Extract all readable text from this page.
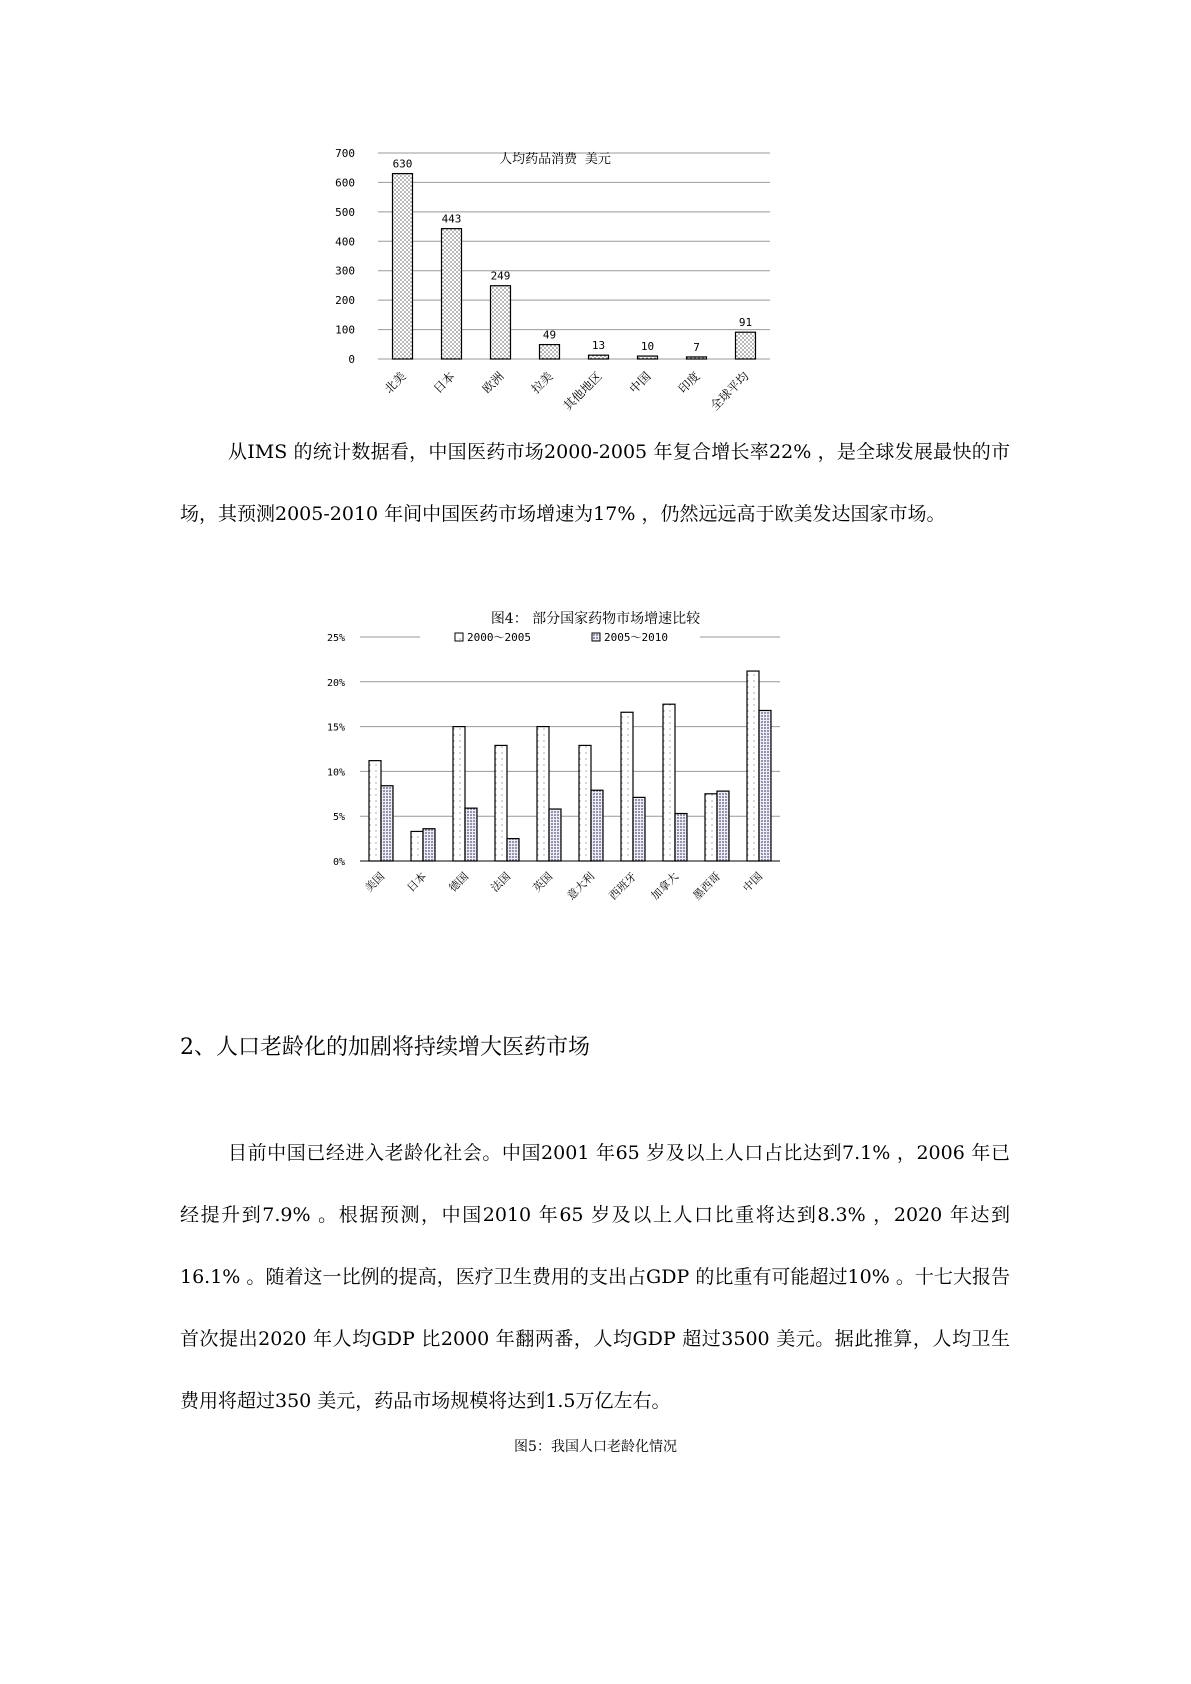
0
100
200
300
400
500
600
700
630
北美
443
日本
249
欧洲
49
拉美
13
其他地区
10
中国
7
印度
91
全球平均
人均药品消费 美元

从IMS 的统计数据看，中国医药市场2000-2005 年复合增长率22% ，是全球发展最快的市场，其预测2005-2010 年间中国医药市场增速为17% ，仍然远远高于欧美发达国家市场。

图4： 部分国家药物市场增速比较
0%
5%
10%
15%
20%
25%	2000～2005	2005～2010
美国 日本 德国 法国 英国 意大利 西班牙 加拿大 墨西哥 中国
2、人口老龄化的加剧将持续增大医药市场

目前中国已经进入老龄化社会。中国2001 年65 岁及以上人口占比达到7.1% ，2006 年已经提升到7.9% 。根据预测，中国2010 年65 岁及以上人口比重将达到8.3% ，2020 年达到16.1% 。随着这一比例的提高，医疗卫生费用的支出占GDP 的比重有可能超过10% 。十七大报告首次提出2020 年人均GDP 比2000 年翻两番，人均GDP 超过3500 美元。据此推算，人均卫生费用将超过350 美元，药品市场规模将达到1.5万亿左右。

图5：我国人口老龄化情况
